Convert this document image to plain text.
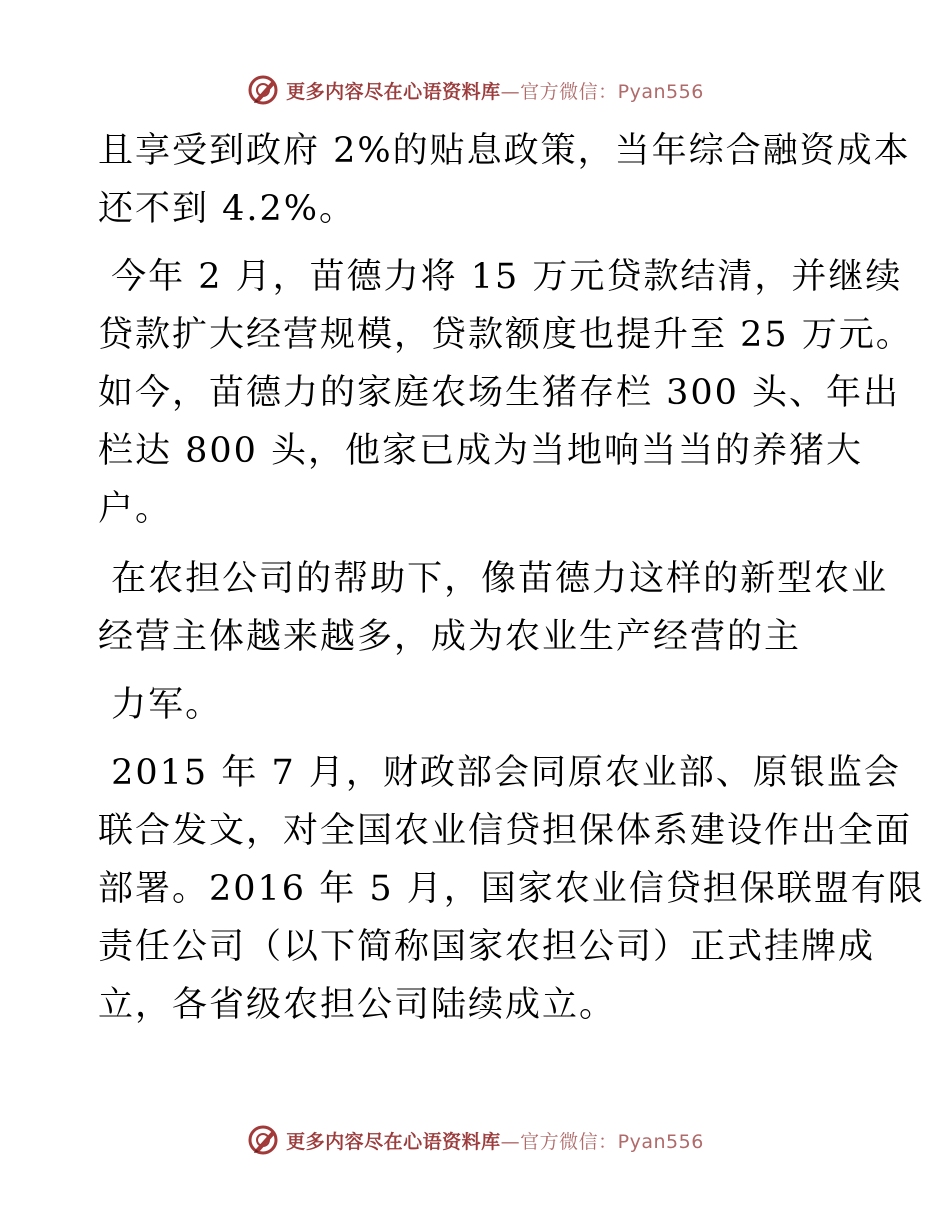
更多内容尽在心语资料库—官方微信：Pyan556
且享受到政府 2%的贴息政策，当年综合融资成本
还不到 4.2%。
今年 2 月，苗德力将 15 万元贷款结清，并继续
贷款扩大经营规模，贷款额度也提升至 25 万元。
如今，苗德力的家庭农场生猪存栏 300 头、年出
栏达 800 头，他家已成为当地响当当的养猪大
户。
在农担公司的帮助下，像苗德力这样的新型农业
经营主体越来越多，成为农业生产经营的主
力军。
2015 年 7 月，财政部会同原农业部、原银监会
联合发文，对全国农业信贷担保体系建设作出全面
部署。2016 年 5 月，国家农业信贷担保联盟有限
责任公司（以下简称国家农担公司）正式挂牌成
立，各省级农担公司陆续成立。
更多内容尽在心语资料库—官方微信：Pyan556
